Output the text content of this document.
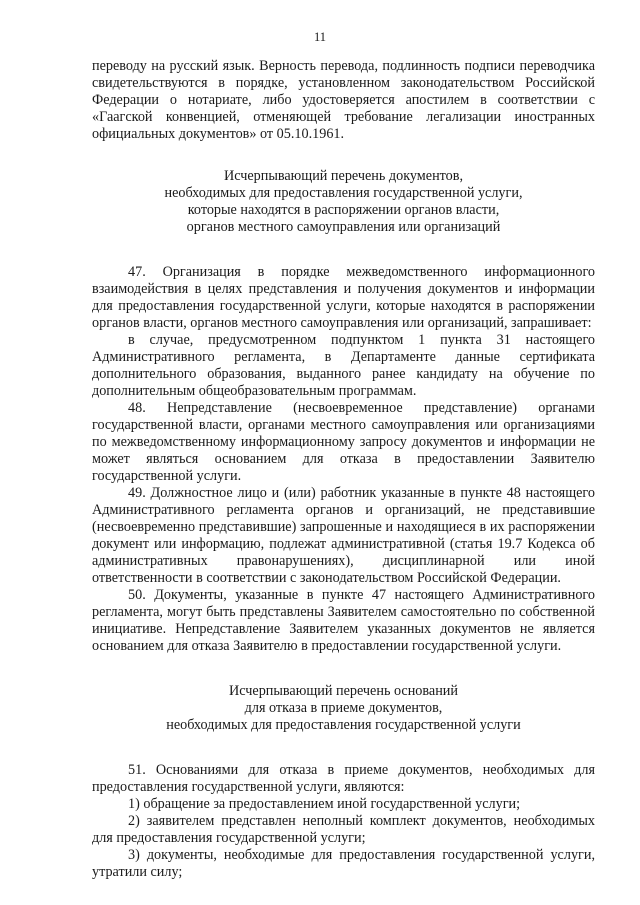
11

переводу на русский язык. Верность перевода, подлинность подписи переводчика свидетельствуются в порядке, установленном законодательством Российской Федерации о нотариате, либо удостоверяется апостилем в соответствии с «Гаагской конвенцией, отменяющей требование легализации иностранных официальных документов» от 05.10.1961.

Исчерпывающий перечень документов,

необходимых для предоставления государственной услуги,

которые находятся в распоряжении органов власти,

органов местного самоуправления или организаций

47. Организация в порядке межведомственного информационного взаимодействия в целях представления и получения документов и информации для предоставления государственной услуги, которые находятся в распоряжении органов власти, органов местного самоуправления или организаций, запрашивает:

в случае, предусмотренном подпунктом 1 пункта 31 настоящего Административного регламента, в Департаменте данные сертификата дополнительного образования, выданного ранее кандидату на обучение по дополнительным общеобразовательным программам.

48. Непредставление (несвоевременное представление) органами государственной власти, органами местного самоуправления или организациями по межведомственному информационному запросу документов и информации не может являться основанием для отказа в предоставлении Заявителю государственной услуги.

49. Должностное лицо и (или) работник указанные в пункте 48 настоящего Административного регламента органов и организаций, не представившие (несвоевременно представившие) запрошенные и находящиеся в их распоряжении документ или информацию, подлежат административной (статья 19.7 Кодекса об административных правонарушениях), дисциплинарной или иной ответственности в соответствии с законодательством Российской Федерации.

50. Документы, указанные в пункте 47 настоящего Административного регламента, могут быть представлены Заявителем самостоятельно по собственной инициативе. Непредставление Заявителем указанных документов не является основанием для отказа Заявителю в предоставлении государственной услуги.

Исчерпывающий перечень оснований

для отказа в приеме документов,

необходимых для предоставления государственной услуги

51. Основаниями для отказа в приеме документов, необходимых для предоставления государственной услуги, являются:

1) обращение за предоставлением иной государственной услуги;

2) заявителем представлен неполный комплект документов, необходимых для предоставления государственной услуги;

3) документы, необходимые для предоставления государственной услуги, утратили силу;
